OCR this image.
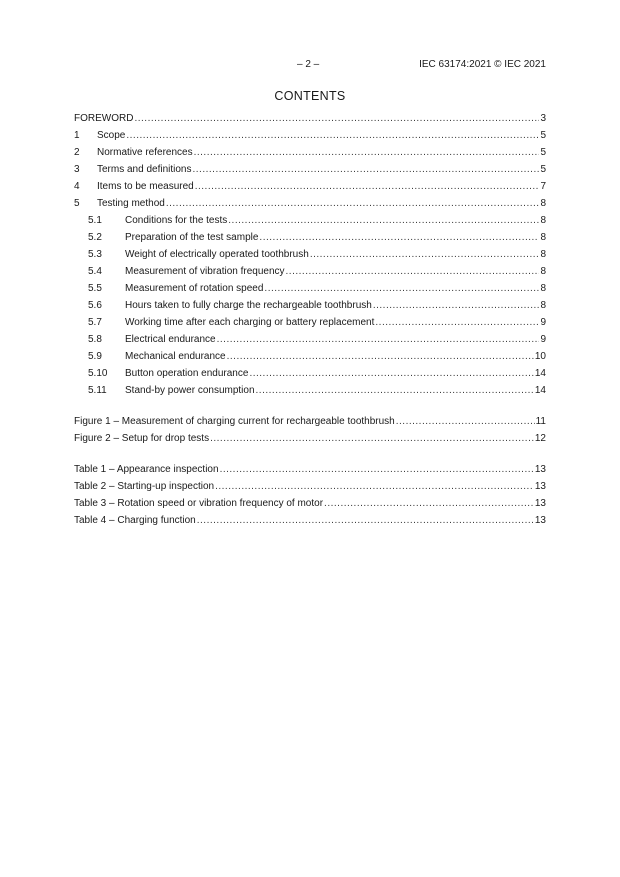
– 2 –	IEC 63174:2021 © IEC 2021
CONTENTS
FOREWORD .....	3
1	Scope .....	5
2	Normative references .....	5
3	Terms and definitions .....	5
4	Items to be measured .....	7
5	Testing method .....	8
5.1	Conditions for the tests .....	8
5.2	Preparation of the test sample .....	8
5.3	Weight of electrically operated toothbrush .....	8
5.4	Measurement of vibration frequency .....	8
5.5	Measurement of rotation speed .....	8
5.6	Hours taken to fully charge the rechargeable toothbrush .....	8
5.7	Working time after each charging or battery replacement .....	9
5.8	Electrical endurance .....	9
5.9	Mechanical endurance .....	10
5.10	Button operation endurance .....	14
5.11	Stand-by power consumption .....	14
Figure 1 – Measurement of charging current for rechargeable toothbrush .....	11
Figure 2 – Setup for drop tests .....	12
Table 1 – Appearance inspection .....	13
Table 2 – Starting-up inspection .....	13
Table 3 – Rotation speed or vibration frequency of motor .....	13
Table 4 – Charging function .....	13
